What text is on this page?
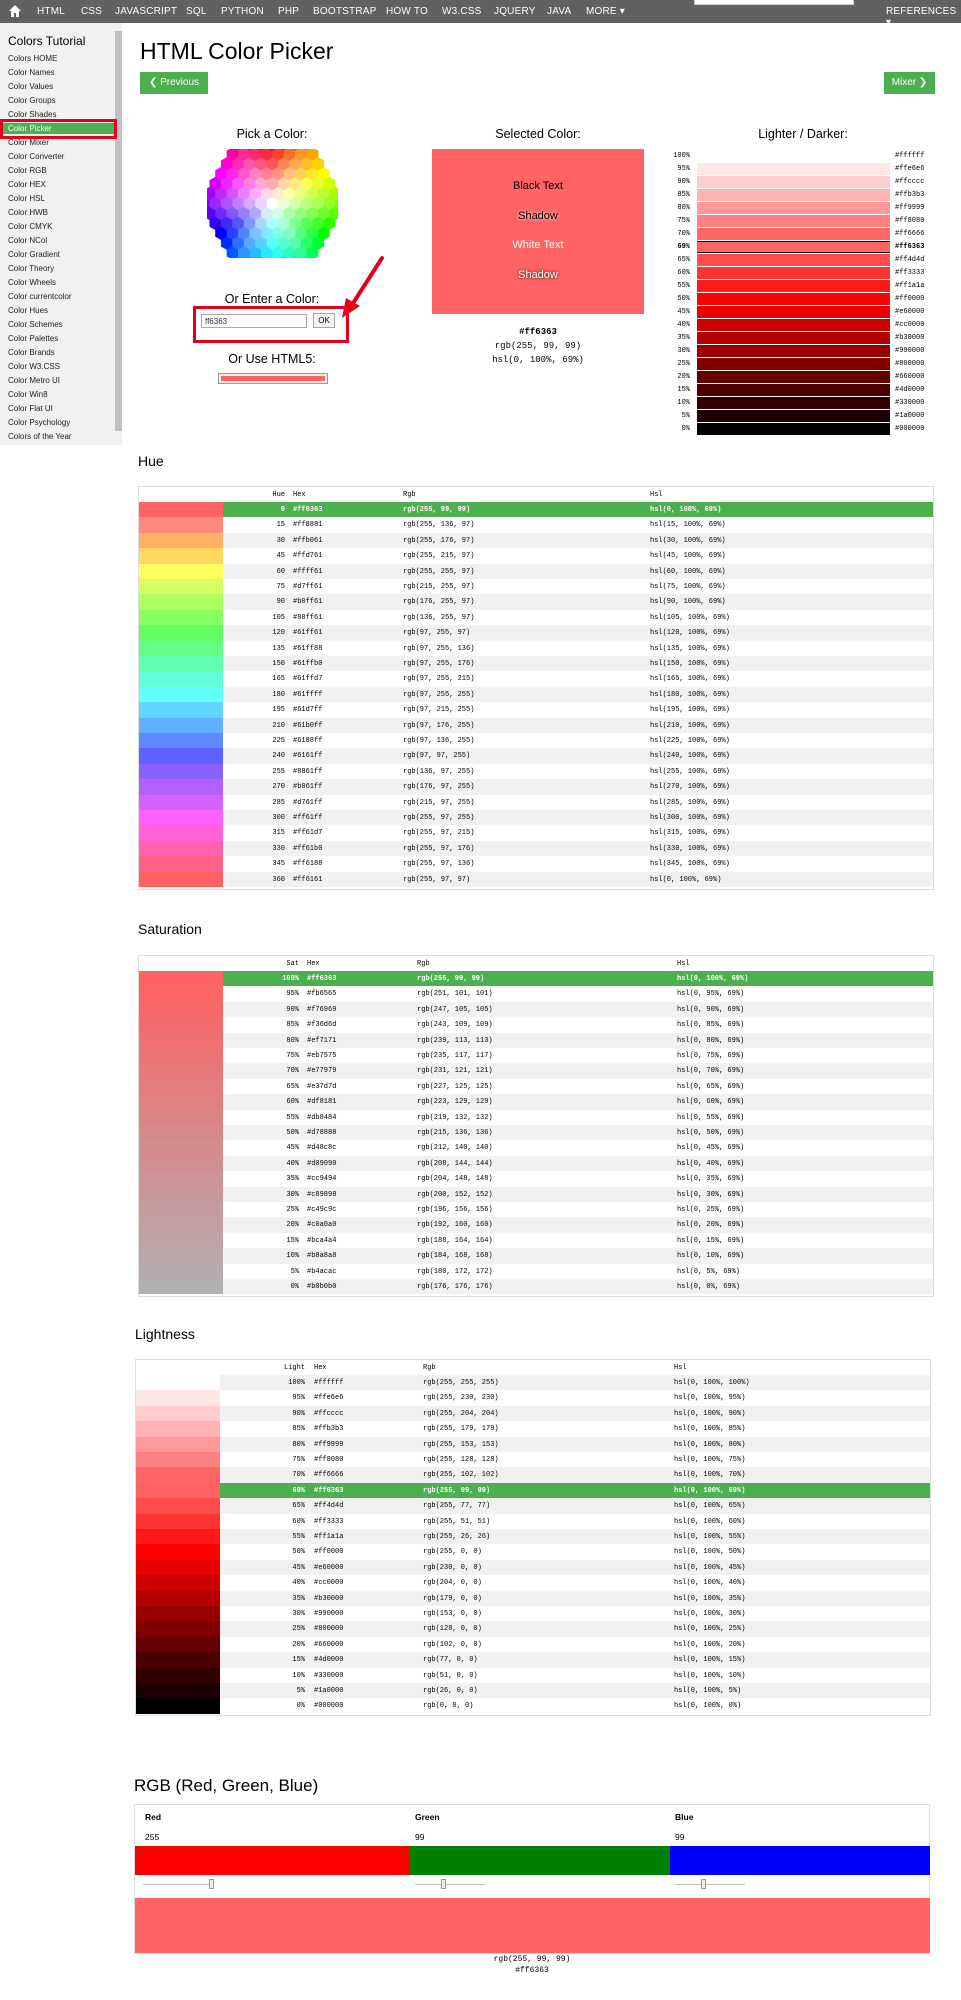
HTML CSS JAVASCRIPT SQL PYTHON PHP BOOTSTRAP HOW TO W3.CSS JQUERY JAVA MORE ▾	REFERENCES ▾
Colors Tutorial
Colors HOME
Color Names
Color Values
Color Groups
Color Shades
Color Picker
Color Mixer
Color Converter
Color RGB
Color HEX
Color HSL
Color HWB
Color CMYK
Color NCol
Color Gradient
Color Theory
Color Wheels
Color currentcolor
Color Hues
Color Schemes
Color Palettes
Color Brands
Color W3.CSS
Color Metro UI
Color Win8
Color Flat UI
Color Psychology
Colors of the Year
HTML Color Picker
❮ Previous	Mixer ❯
Pick a Color:
Or Enter a Color:
ff6363
OK
Or Use HTML5:
Selected Color:
Black Text
Shadow
White Text
Shadow
#ff6363
rgb(255, 99, 99)
hsl(0, 100%, 69%)
Lighter / Darker:
100%	#ffffff
95%	#ffe6e6
90%	#ffcccc
85%	#ffb3b3
80%	#ff9999
75%	#ff8080
70%	#ff6666
69%	#ff6363
65%	#ff4d4d
60%	#ff3333
55%	#ff1a1a
50%	#ff0000
45%	#e60000
40%	#cc0000
35%	#b30000
30%	#990000
25%	#800000
20%	#660000
15%	#4d0000
10%	#330000
5%	#1a0000
0%	#000000
Hue
Hue Hex	Rgb	Hsl
0 #ff6363	rgb(255, 99, 99)	hsl(0, 100%, 69%)
15 #ff8881	rgb(255, 136, 97)	hsl(15, 100%, 69%)
30 #ffb061	rgb(255, 176, 97)	hsl(30, 100%, 69%)
45 #ffd761	rgb(255, 215, 97)	hsl(45, 100%, 69%)
60 #ffff61	rgb(255, 255, 97)	hsl(60, 100%, 69%)
75 #d7ff61	rgb(215, 255, 97)	hsl(75, 100%, 69%)
90 #b0ff61	rgb(176, 255, 97)	hsl(90, 100%, 69%)
105 #88ff61	rgb(136, 255, 97)	hsl(105, 100%, 69%)
120 #61ff61	rgb(97, 255, 97)	hsl(120, 100%, 69%)
135 #61ff88	rgb(97, 255, 136)	hsl(135, 100%, 69%)
150 #61ffb0	rgb(97, 255, 176)	hsl(150, 100%, 69%)
165 #61ffd7	rgb(97, 255, 215)	hsl(165, 100%, 69%)
180 #61ffff	rgb(97, 255, 255)	hsl(180, 100%, 69%)
195 #61d7ff	rgb(97, 215, 255)	hsl(195, 100%, 69%)
210 #61b0ff	rgb(97, 176, 255)	hsl(210, 100%, 69%)
225 #6188ff	rgb(97, 136, 255)	hsl(225, 100%, 69%)
240 #6161ff	rgb(97, 97, 255)	hsl(240, 100%, 69%)
255 #8861ff	rgb(136, 97, 255)	hsl(255, 100%, 69%)
270 #b061ff	rgb(176, 97, 255)	hsl(270, 100%, 69%)
285 #d761ff	rgb(215, 97, 255)	hsl(285, 100%, 69%)
300 #ff61ff	rgb(255, 97, 255)	hsl(300, 100%, 69%)
315 #ff61d7	rgb(255, 97, 215)	hsl(315, 100%, 69%)
330 #ff61b0	rgb(255, 97, 176)	hsl(330, 100%, 69%)
345 #ff6188	rgb(255, 97, 136)	hsl(345, 100%, 69%)
360 #ff6161	rgb(255, 97, 97)	hsl(0, 100%, 69%)
Saturation
Sat Hex	Rgb	Hsl
100% #ff6363	rgb(255, 99, 99)	hsl(0, 100%, 69%)
95% #fb6565	rgb(251, 101, 101)	hsl(0, 95%, 69%)
90% #f76969	rgb(247, 105, 105)	hsl(0, 90%, 69%)
85% #f36d6d	rgb(243, 109, 109)	hsl(0, 85%, 69%)
80% #ef7171	rgb(239, 113, 113)	hsl(0, 80%, 69%)
75% #eb7575	rgb(235, 117, 117)	hsl(0, 75%, 69%)
70% #e77979	rgb(231, 121, 121)	hsl(0, 70%, 69%)
65% #e37d7d	rgb(227, 125, 125)	hsl(0, 65%, 69%)
60% #df8181	rgb(223, 129, 129)	hsl(0, 60%, 69%)
55% #db8484	rgb(219, 132, 132)	hsl(0, 55%, 69%)
50% #d78888	rgb(215, 136, 136)	hsl(0, 50%, 69%)
45% #d48c8c	rgb(212, 140, 140)	hsl(0, 45%, 69%)
40% #d09090	rgb(208, 144, 144)	hsl(0, 40%, 69%)
35% #cc9494	rgb(204, 148, 148)	hsl(0, 35%, 69%)
30% #c89898	rgb(200, 152, 152)	hsl(0, 30%, 69%)
25% #c49c9c	rgb(196, 156, 156)	hsl(0, 25%, 69%)
20% #c0a0a0	rgb(192, 160, 160)	hsl(0, 20%, 69%)
15% #bca4a4	rgb(188, 164, 164)	hsl(0, 15%, 69%)
10% #b8a8a8	rgb(184, 168, 168)	hsl(0, 10%, 69%)
5% #b4acac	rgb(180, 172, 172)	hsl(0, 5%, 69%)
0% #b0b0b0	rgb(176, 176, 176)	hsl(0, 0%, 69%)
Lightness
Light Hex	Rgb	Hsl
100% #ffffff	rgb(255, 255, 255)	hsl(0, 100%, 100%)
95% #ffe6e6	rgb(255, 230, 230)	hsl(0, 100%, 95%)
90% #ffcccc	rgb(255, 204, 204)	hsl(0, 100%, 90%)
85% #ffb3b3	rgb(255, 179, 179)	hsl(0, 100%, 85%)
80% #ff9999	rgb(255, 153, 153)	hsl(0, 100%, 80%)
75% #ff8080	rgb(255, 128, 128)	hsl(0, 100%, 75%)
70% #ff6666	rgb(255, 102, 102)	hsl(0, 100%, 70%)
69% #ff6363	rgb(255, 99, 99)	hsl(0, 100%, 69%)
65% #ff4d4d	rgb(255, 77, 77)	hsl(0, 100%, 65%)
60% #ff3333	rgb(255, 51, 51)	hsl(0, 100%, 60%)
55% #ff1a1a	rgb(255, 26, 26)	hsl(0, 100%, 55%)
50% #ff0000	rgb(255, 0, 0)	hsl(0, 100%, 50%)
45% #e60000	rgb(230, 0, 0)	hsl(0, 100%, 45%)
40% #cc0000	rgb(204, 0, 0)	hsl(0, 100%, 40%)
35% #b30000	rgb(179, 0, 0)	hsl(0, 100%, 35%)
30% #990000	rgb(153, 0, 0)	hsl(0, 100%, 30%)
25% #800000	rgb(128, 0, 0)	hsl(0, 100%, 25%)
20% #660000	rgb(102, 0, 0)	hsl(0, 100%, 20%)
15% #4d0000	rgb(77, 0, 0)	hsl(0, 100%, 15%)
10% #330000	rgb(51, 0, 0)	hsl(0, 100%, 10%)
5% #1a0000	rgb(26, 0, 0)	hsl(0, 100%, 5%)
0% #000000	rgb(0, 0, 0)	hsl(0, 100%, 0%)
RGB (Red, Green, Blue)
Red	Green	Blue
255	99	99
rgb(255, 99, 99)
#ff6363
